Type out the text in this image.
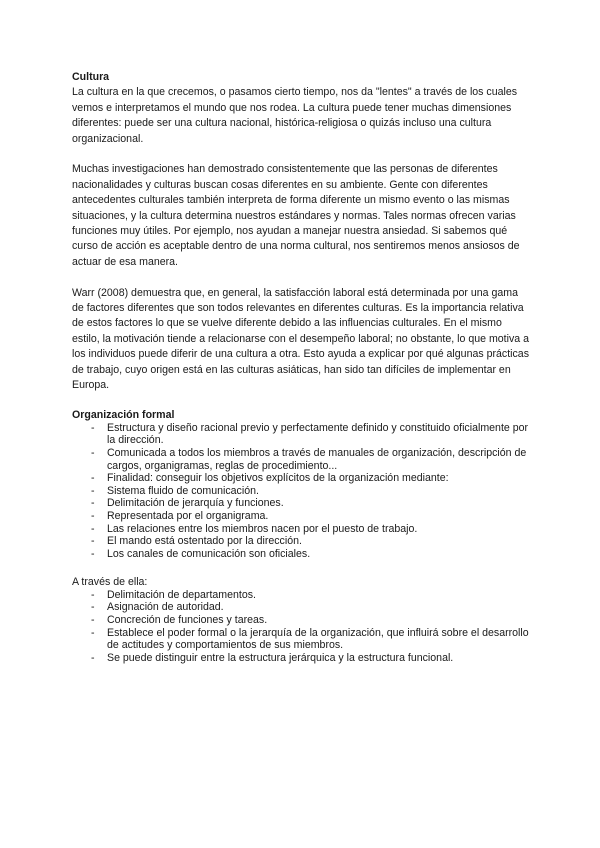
Cultura

La cultura en la que crecemos, o pasamos cierto tiempo, nos da "lentes" a través de los cuales vemos e interpretamos el mundo que nos rodea. La cultura puede tener muchas dimensiones diferentes: puede ser una cultura nacional, histórica-religiosa o quizás incluso una cultura organizacional.

Muchas investigaciones han demostrado consistentemente que las personas de diferentes nacionalidades y culturas buscan cosas diferentes en su ambiente. Gente con diferentes antecedentes culturales también interpreta de forma diferente un mismo evento o las mismas situaciones, y la cultura determina nuestros estándares y normas. Tales normas ofrecen varias funciones muy útiles. Por ejemplo, nos ayudan a manejar nuestra ansiedad. Si sabemos qué curso de acción es aceptable dentro de una norma cultural, nos sentiremos menos ansiosos de actuar de esa manera.

Warr (2008) demuestra que, en general, la satisfacción laboral está determinada por una gama de factores diferentes que son todos relevantes en diferentes culturas. Es la importancia relativa de estos factores lo que se vuelve diferente debido a las influencias culturales. En el mismo estilo, la motivación tiende a relacionarse con el desempeño laboral; no obstante, lo que motiva a los individuos puede diferir de una cultura a otra. Esto ayuda a explicar por qué algunas prácticas de trabajo, cuyo origen está en las culturas asiáticas, han sido tan difíciles de implementar en Europa.

Organización formal
- Estructura y diseño racional previo y perfectamente definido y constituido oficialmente por la dirección.
- Comunicada a todos los miembros a través de manuales de organización, descripción de cargos, organigramas, reglas de procedimiento...
- Finalidad: conseguir los objetivos explícitos de la organización mediante:
- Sistema fluido de comunicación.
- Delimitación de jerarquía y funciones.
- Representada por el organigrama.
- Las relaciones entre los miembros nacen por el puesto de trabajo.
- El mando está ostentado por la dirección.
- Los canales de comunicación son oficiales.

A través de ella:

- Delimitación de departamentos.
- Asignación de autoridad.
- Concreción de funciones y tareas.
- Establece el poder formal o la jerarquía de la organización, que influirá sobre el desarrollo de actitudes y comportamientos de sus miembros.
- Se puede distinguir entre la estructura jerárquica y la estructura funcional.
